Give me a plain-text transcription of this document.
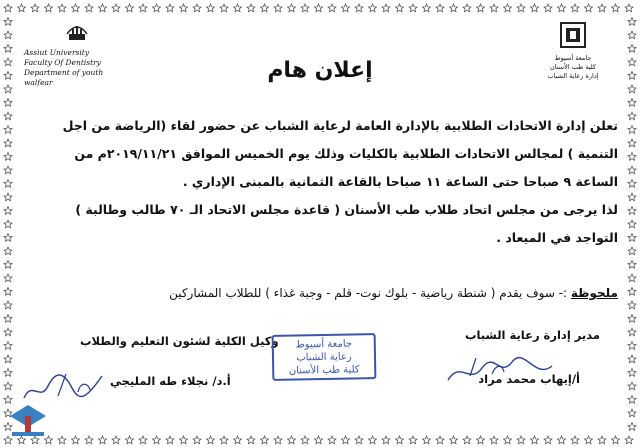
Assiut University
Faculty Of Dentistry
Department of youth walfear
جامعة أسيوط
كلية طب الأسنان
إدارة رعاية الشباب
إعلان هام
تعلن إدارة الاتحادات الطلابية بالإدارة العامة لرعاية الشباب عن حضور لقاء (الرياضة من اجل
التنمية ) لمجالس الاتحادات الطلابية بالكليات وذلك يوم الخميس الموافق ٢٠١٩/١١/٢١م من
الساعة ٩ صباحا حتى الساعة ١١ صباحا بالقاعة الثمانية بالمبنى الإداري .
لذا يرجى من مجلس اتحاد طلاب طب الأسنان ( قاعدة مجلس الاتحاد الـ ٧٠ طالب وطالبة )
التواجد في الميعاد .
ملحوظة :- سوف يقدم ( شنطة رياضية - بلوك نوت- قلم - وجبة غذاء ) للطلاب المشاركين
مدير إدارة رعاية الشباب
وكيل الكلية لشئون التعليم والطلاب	جامعة أسيوط
رعاية الشباب
كلية طب الأسنان
أ/إيهاب محمد مراد
أ.د/ نجلاء طه المليجي
